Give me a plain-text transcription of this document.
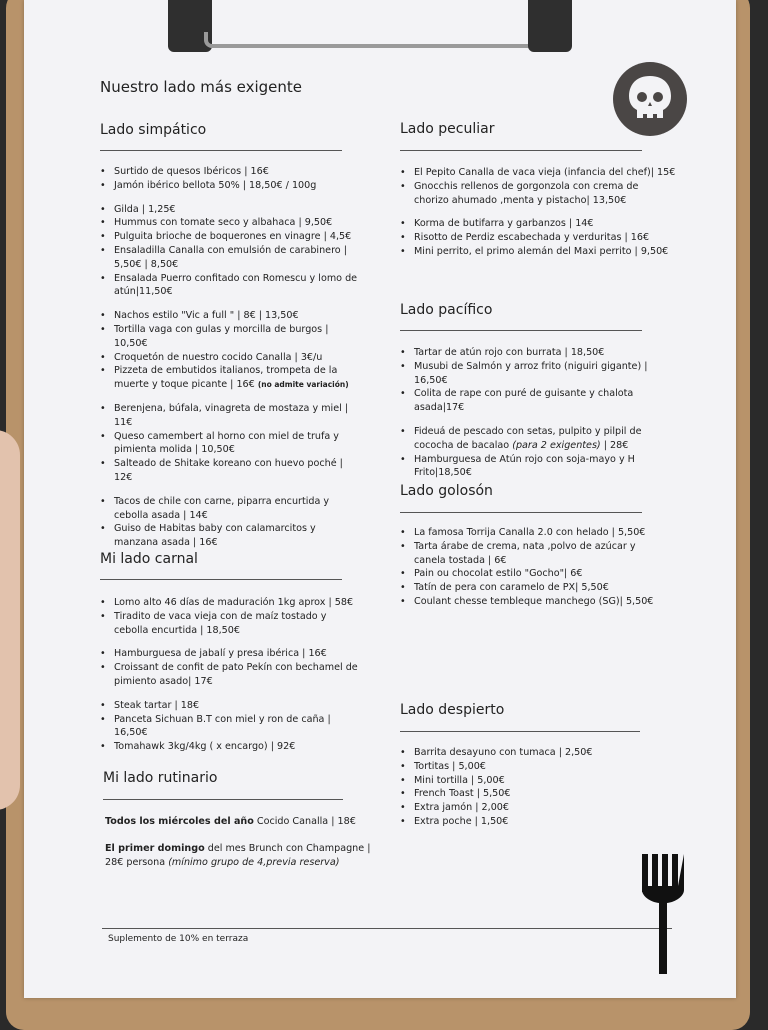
Nuestro lado más exigente
Lado simpático
• Surtido de quesos Ibéricos | 16€
• Jamón ibérico bellota 50% | 18,50€ / 100g
• Gilda | 1,25€
• Hummus con tomate seco y albahaca | 9,50€
• Pulguita brioche de boquerones en vinagre | 4,5€
• Ensaladilla Canalla con emulsión de carabinero | 5,50€ | 8,50€
• Ensalada Puerro confitado con Romescu y lomo de atún|11,50€
• Nachos estilo "Vic a full " | 8€ | 13,50€
• Tortilla vaga con gulas y morcilla de burgos | 10,50€
• Croquetón de nuestro cocido Canalla | 3€/u
• Pizzeta de embutidos italianos, trompeta de la muerte y toque picante | 16€ (no admite variación)
• Berenjena, búfala, vinagreta de mostaza y miel | 11€
• Queso camembert al horno con miel de trufa y pimienta molida | 10,50€
• Salteado de Shitake koreano con huevo poché | 12€
• Tacos de chile con carne, piparra encurtida y cebolla asada | 14€
• Guiso de Habitas baby con calamarcitos y manzana asada | 16€
Mi lado carnal
• Lomo alto 46 días de maduración 1kg aprox | 58€
• Tiradito de vaca vieja con de maíz tostado y cebolla encurtida | 18,50€
• Hamburguesa de jabalí y presa ibérica | 16€
• Croissant de confit de pato Pekín con bechamel de pimiento asado| 17€
• Steak tartar | 18€
• Panceta Sichuan B.T con miel y ron de caña | 16,50€
• Tomahawk 3kg/4kg ( x encargo) | 92€
Mi lado rutinario

Todos los miércoles del año Cocido Canalla | 18€

El primer domingo del mes Brunch con Champagne | 28€ persona (mínimo grupo de 4,previa reserva)

Lado peculiar
• El Pepito Canalla de vaca vieja (infancia del chef)| 15€
• Gnocchis rellenos de gorgonzola con crema de chorizo ahumado ,menta y pistacho| 13,50€
• Korma de butifarra y garbanzos | 14€
• Risotto de Perdiz escabechada y verduritas | 16€
• Mini perrito, el primo alemán del Maxi perrito | 9,50€
Lado pacífico
• Tartar de atún rojo con burrata | 18,50€
• Musubi de Salmón y arroz frito (niguiri gigante) | 16,50€
• Colita de rape con puré de guisante y chalota asada|17€
• Fideuá de pescado con setas, pulpito y pilpil de cococha de bacalao (para 2 exigentes) | 28€
• Hamburguesa de Atún rojo con soja-mayo y H Frito|18,50€
Lado golosón
• La famosa Torrija Canalla 2.0 con helado | 5,50€
• Tarta árabe de crema, nata ,polvo de azúcar y canela tostada | 6€
• Pain ou chocolat estilo "Gocho"| 6€
• Tatín de pera con caramelo de PX| 5,50€
• Coulant chesse tembleque manchego (SG)| 5,50€
Lado despierto
• Barrita desayuno con tumaca | 2,50€
• Tortitas | 5,00€
• Mini tortilla | 5,00€
• French Toast | 5,50€
• Extra jamón | 2,00€
• Extra poche | 1,50€
Suplemento de 10% en terraza
